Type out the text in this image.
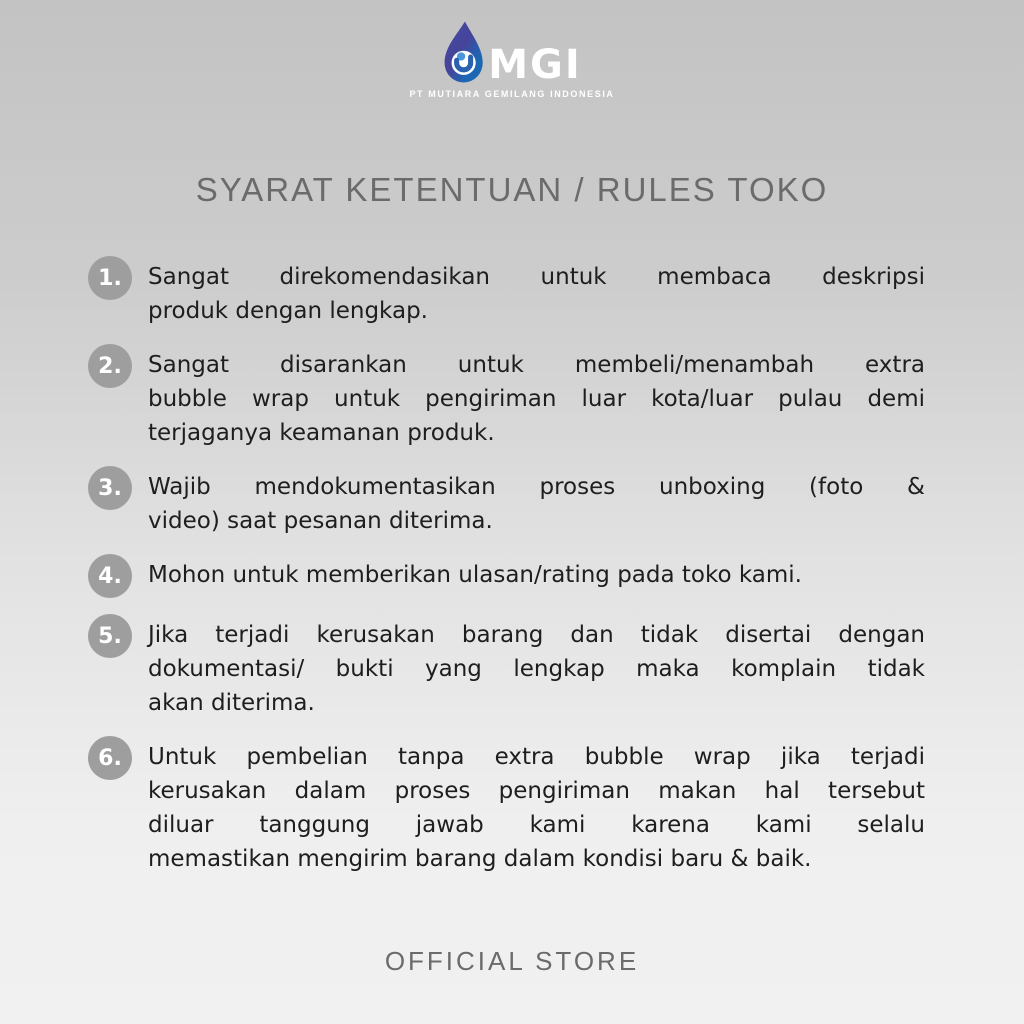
MGI
PT MUTIARA GEMILANG INDONESIA
SYARAT KETENTUAN / RULES TOKO
1.	Sangat direkomendasikan untuk membaca deskripsi
produk dengan lengkap.
2.	Sangat disarankan untuk membeli/menambah extra
bubble wrap untuk pengiriman luar kota/luar pulau demi
terjaganya keamanan produk.
3.	Wajib mendokumentasikan proses unboxing (foto &
video) saat pesanan diterima.
4.	Mohon untuk memberikan ulasan/rating pada toko kami.
5.	Jika terjadi kerusakan barang dan tidak disertai dengan
dokumentasi/ bukti yang lengkap maka komplain tidak
akan diterima.
6.	Untuk pembelian tanpa extra bubble wrap jika terjadi
kerusakan dalam proses pengiriman makan hal tersebut
diluar tanggung jawab kami karena kami selalu
memastikan mengirim barang dalam kondisi baru & baik.
OFFICIAL STORE
